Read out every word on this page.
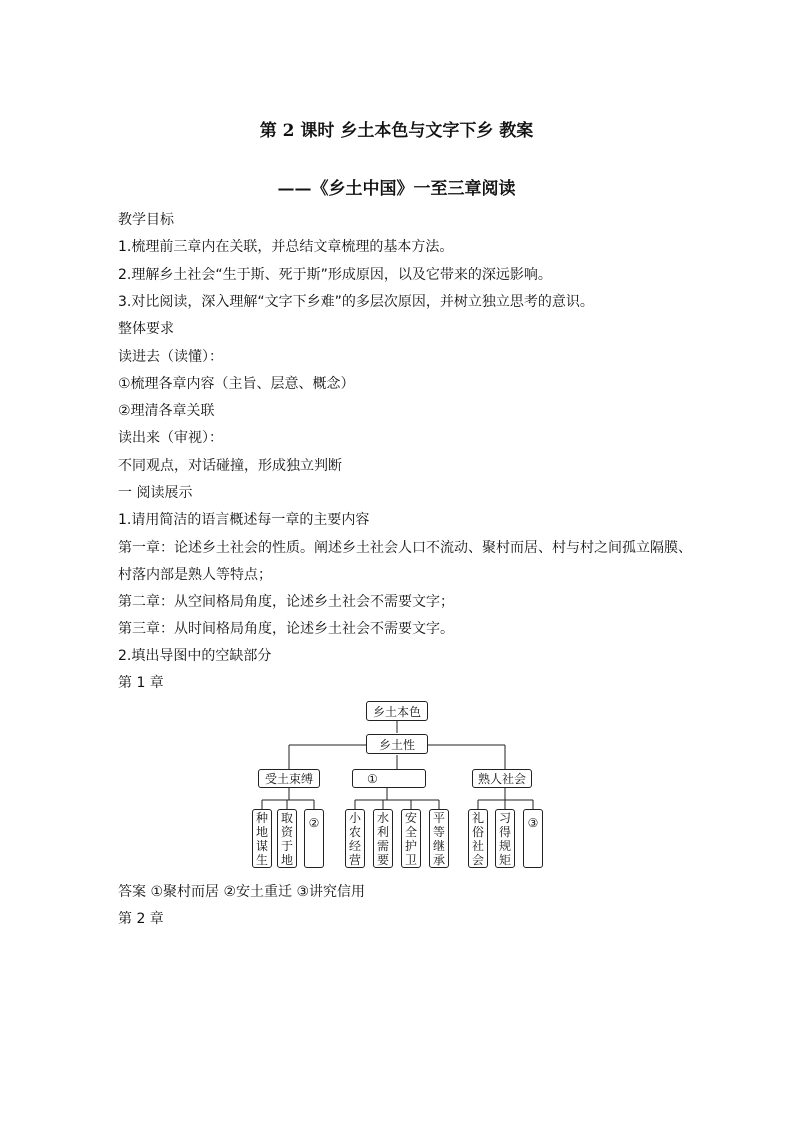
第 2 课时 乡土本色与文字下乡 教案
——《乡土中国》一至三章阅读
教学目标
1.梳理前三章内在关联，并总结文章梳理的基本方法。
2.理解乡土社会“生于斯、死于斯”形成原因，以及它带来的深远影响。
3.对比阅读，深入理解“文字下乡难”的多层次原因，并树立独立思考的意识。
整体要求
读进去（读懂）：
①梳理各章内容（主旨、层意、概念）
②理清各章关联
读出来（审视）：
不同观点，对话碰撞，形成独立判断
一 阅读展示
1.请用简洁的语言概述每一章的主要内容
第一章：论述乡土社会的性质。阐述乡土社会人口不流动、聚村而居、村与村之间孤立隔膜、
村落内部是熟人等特点；
第二章：从空间格局角度，论述乡土社会不需要文字；
第三章：从时间格局角度，论述乡土社会不需要文字。
2.填出导图中的空缺部分
第 1 章
乡土本色
乡土性
受土束缚	①	熟人社会
种地谋生
取资于地
②	小农经营
水利需要
安全护卫
平等继承
礼俗社会
习得规矩
③
答案 ①聚村而居 ②安土重迁 ③讲究信用
第 2 章
